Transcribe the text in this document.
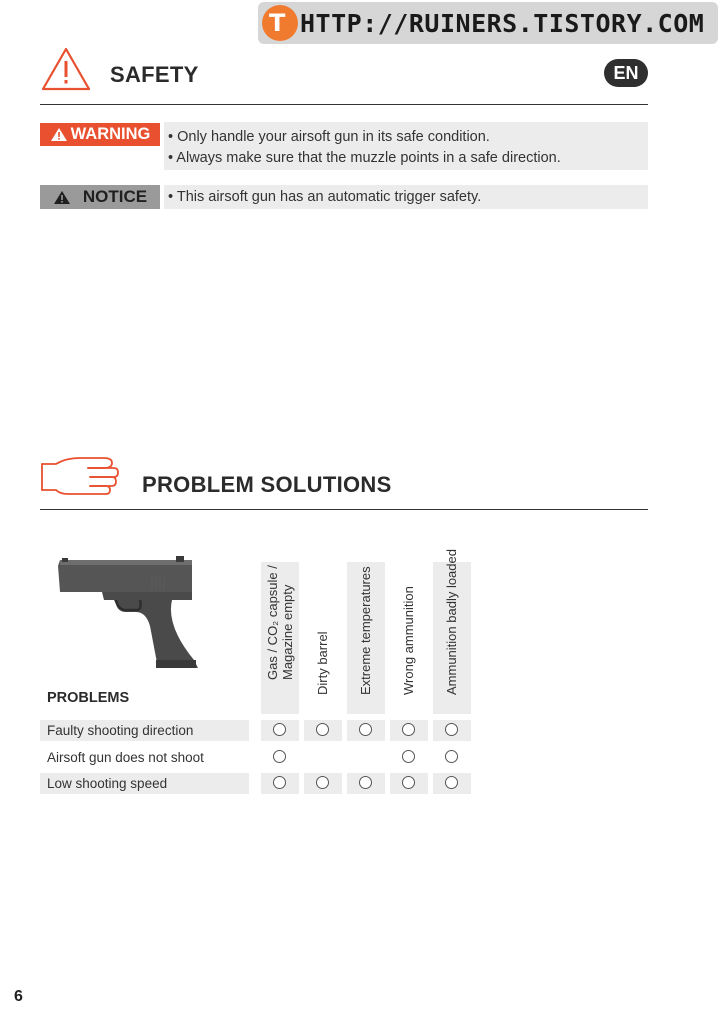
T HTTP://RUINERS.TISTORY.COM
SAFETY	EN
WARNING • Only handle your airsoft gun in its safe condition.
• Always make sure that the muzzle points in a safe direction.
NOTICE • This airsoft gun has an automatic trigger safety.
PROBLEM SOLUTIONS
PROBLEMS
Gas / CO₂ capsule / Magazine empty Dirty barrel Extreme temperatures Wrong ammunition Ammunition badly loaded
Faulty shooting direction
Airsoft gun does not shoot
Low shooting speed
6
